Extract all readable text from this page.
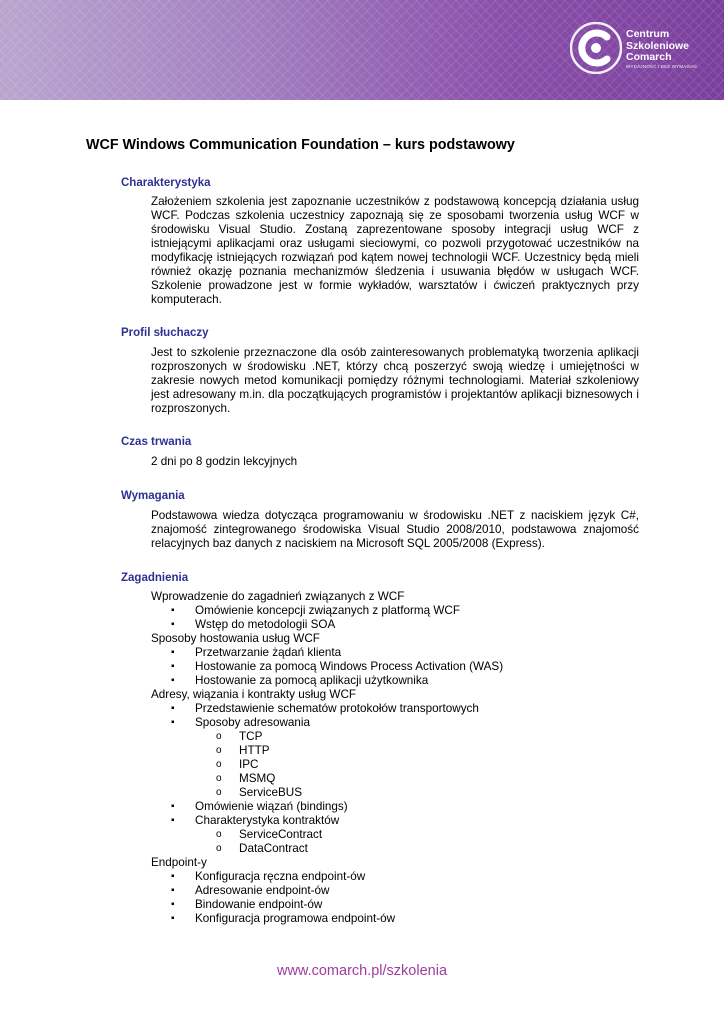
Centrum
Szkoleniowe
Comarch
WYDAJNOŚĆ I BEZ WYMAGAŃ
WCF Windows Communication Foundation – kurs podstawowy
Charakterystyka

Założeniem szkolenia jest zapoznanie uczestników z podstawową koncepcją działania usług WCF. Podczas szkolenia uczestnicy zapoznają się ze sposobami tworzenia usług WCF w środowisku Visual Studio. Zostaną zaprezentowane sposoby integracji usług WCF z istniejącymi aplikacjami oraz usługami sieciowymi, co pozwoli przygotować uczestników na modyfikację istniejących rozwiązań pod kątem nowej technologii WCF. Uczestnicy będą mieli również okazję poznania mechanizmów śledzenia i usuwania błędów w usługach WCF. Szkolenie prowadzone jest w formie wykładów, warsztatów i ćwiczeń praktycznych przy komputerach.

Profil słuchaczy

Jest to szkolenie przeznaczone dla osób zainteresowanych problematyką tworzenia aplikacji rozproszonych w środowisku .NET, którzy chcą poszerzyć swoją wiedzę i umiejętności w zakresie nowych metod komunikacji pomiędzy różnymi technologiami. Materiał szkoleniowy jest adresowany m.in. dla początkujących programistów i projektantów aplikacji biznesowych i rozproszonych.

Czas trwania

2 dni po 8 godzin lekcyjnych

Wymagania

Podstawowa wiedza dotycząca programowaniu w środowisku .NET z naciskiem język C#, znajomość zintegrowanego środowiska Visual Studio 2008/2010, podstawowa znajomość relacyjnych baz danych z naciskiem na Microsoft SQL 2005/2008 (Express).

Zagadnienia
Wprowadzenie do zagadnień związanych z WCF
▪ Omówienie koncepcji związanych z platformą WCF
▪ Wstęp do metodologii SOA
Sposoby hostowania usług WCF
▪ Przetwarzanie żądań klienta
▪ Hostowanie za pomocą Windows Process Activation (WAS)
▪ Hostowanie za pomocą aplikacji użytkownika
Adresy, wiązania i kontrakty usług WCF
▪ Przedstawienie schematów protokołów transportowych
▪ Sposoby adresowania
o TCP
o HTTP
o IPC
o MSMQ
o ServiceBUS
▪ Omówienie wiązań (bindings)
▪ Charakterystyka kontraktów
o ServiceContract
o DataContract
Endpoint-y
▪ Konfiguracja ręczna endpoint-ów
▪ Adresowanie endpoint-ów
▪ Bindowanie endpoint-ów
▪ Konfiguracja programowa endpoint-ów
www.comarch.pl/szkolenia
